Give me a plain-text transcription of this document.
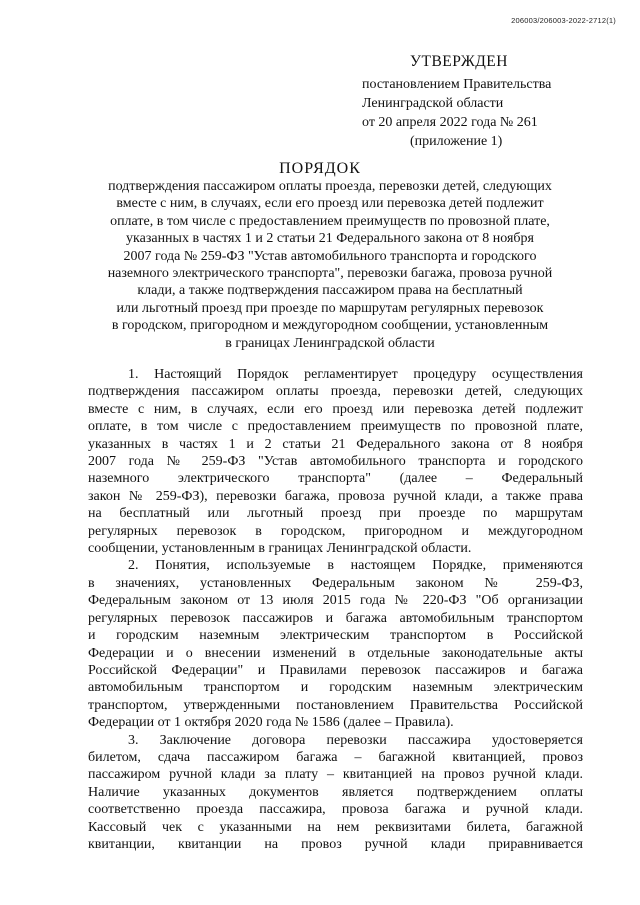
206003/206003-2022-2712(1)
УТВЕРЖДЕН
постановлением Правительства
Ленинградской области
от 20 апреля 2022 года № 261
(приложение 1)
ПОРЯДОК
подтверждения пассажиром оплаты проезда, перевозки детей, следующих
вместе с ним, в случаях, если его проезд или перевозка детей подлежит
оплате, в том числе с предоставлением преимуществ по провозной плате,
указанных в частях 1 и 2 статьи 21 Федерального закона от 8 ноября
2007 года № 259-ФЗ "Устав автомобильного транспорта и городского
наземного электрического транспорта", перевозки багажа, провоза ручной
клади, а также подтверждения пассажиром права на бесплатный
или льготный проезд при проезде по маршрутам регулярных перевозок
в городском, пригородном и междугородном сообщении, установленным
в границах Ленинградской области
1. Настоящий Порядок регламентирует процедуру осуществления
подтверждения пассажиром оплаты проезда, перевозки детей, следующих
вместе с ним, в случаях, если его проезд или перевозка детей подлежит
оплате, в том числе с предоставлением преимуществ по провозной плате,
указанных в частях 1 и 2 статьи 21 Федерального закона от 8 ноября
2007 года № 259-ФЗ "Устав автомобильного транспорта и городского
наземного электрического транспорта" (далее – Федеральный
закон № 259-ФЗ), перевозки багажа, провоза ручной клади, а также права
на бесплатный или льготный проезд при проезде по маршрутам
регулярных перевозок в городском, пригородном и междугородном
сообщении, установленным в границах Ленинградской области.
2. Понятия, используемые в настоящем Порядке, применяются
в значениях, установленных Федеральным законом № 259-ФЗ,
Федеральным законом от 13 июля 2015 года № 220-ФЗ "Об организации
регулярных перевозок пассажиров и багажа автомобильным транспортом
и городским наземным электрическим транспортом в Российской
Федерации и о внесении изменений в отдельные законодательные акты
Российской Федерации" и Правилами перевозок пассажиров и багажа
автомобильным транспортом и городским наземным электрическим
транспортом, утвержденными постановлением Правительства Российской
Федерации от 1 октября 2020 года № 1586 (далее – Правила).
3. Заключение договора перевозки пассажира удостоверяется
билетом, сдача пассажиром багажа – багажной квитанцией, провоз
пассажиром ручной клади за плату – квитанцией на провоз ручной клади.
Наличие указанных документов является подтверждением оплаты
соответственно проезда пассажира, провоза багажа и ручной клади.
Кассовый чек с указанными на нем реквизитами билета, багажной
квитанции, квитанции на провоз ручной клади приравнивается
